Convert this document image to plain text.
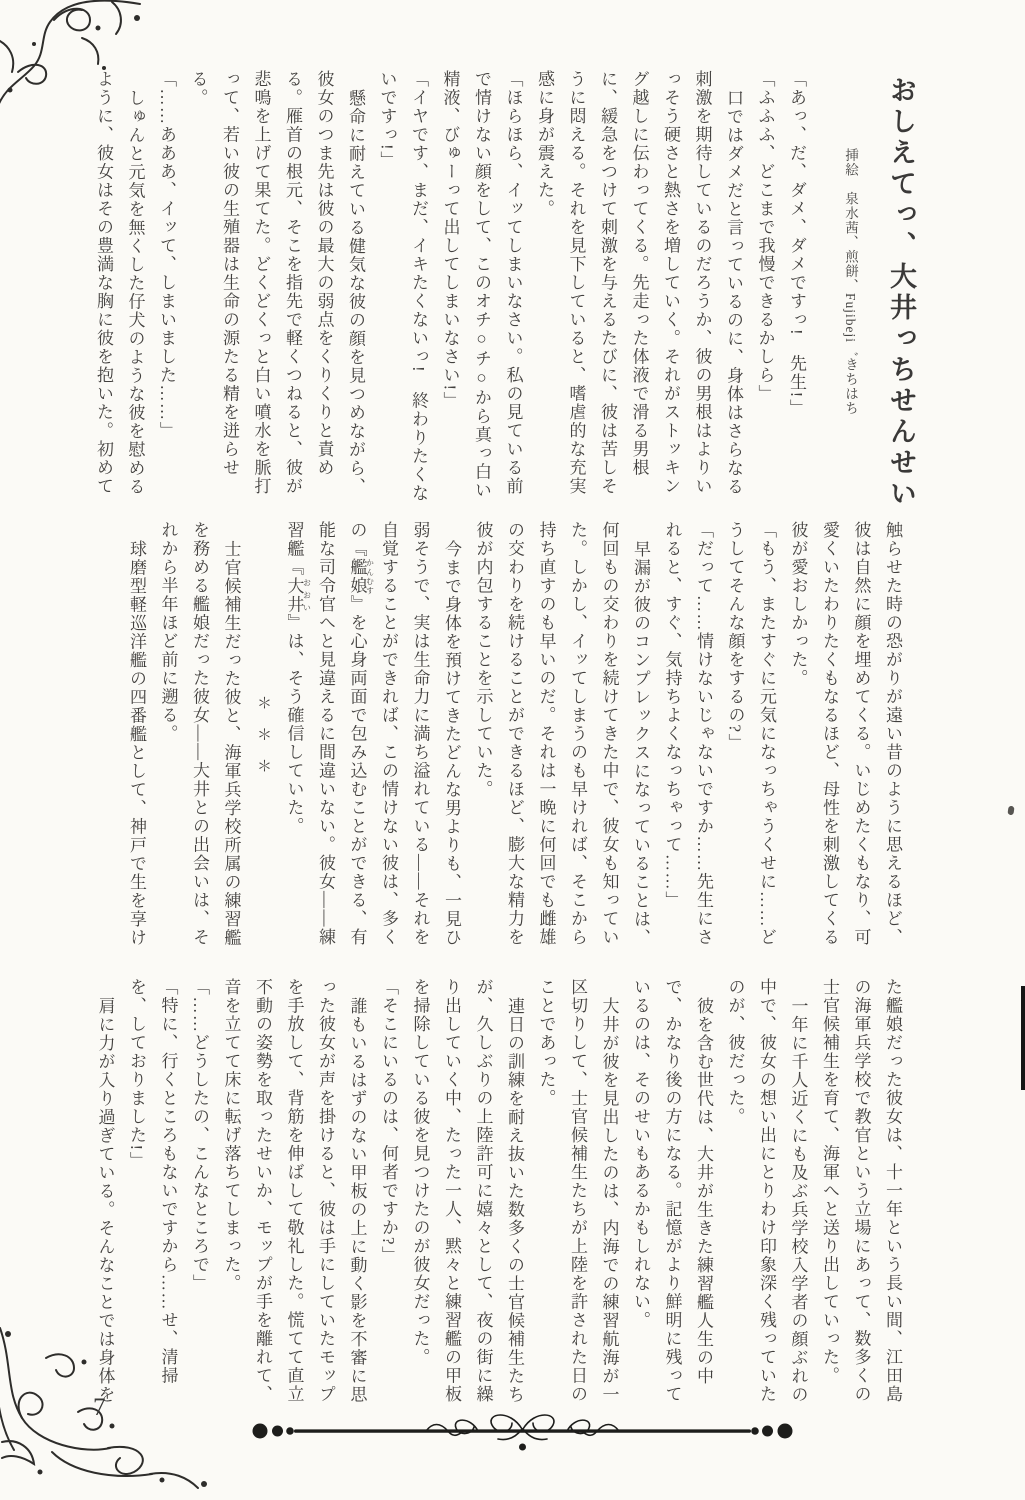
おしえてっ、大井っちせんせい
挿絵　泉水茜、煎餅、Fujibeji゛きちはち

「あっ、だ、ダメ、ダメですっ!　先生!」

「ふふふ、どこまで我慢できるかしら」

口ではダメだと言っているのに、身体はさらなる刺激を期待しているのだろうか、彼の男根はよりいっそう硬さと熱さを増していく。それがストッキング越しに伝わってくる。先走った体液で滑る男根に、緩急をつけて刺激を与えるたびに、彼は苦しそうに悶える。それを見下していると、嗜虐的な充実感に身が震えた。

「ほらほら、イッてしまいなさい。私の見ている前で情けない顔をして、このオチ○チ○から真っ白い精液、びゅーって出してしまいなさい!」

「イヤです、まだ、イキたくないっ!　終わりたくないですっ!」

懸命に耐えている健気な彼の顔を見つめながら、彼女のつま先は彼の最大の弱点をくりくりと責める。雁首の根元、そこを指先で軽くつねると、彼が悲鳴を上げて果てた。どくどくっと白い噴水を脈打って、若い彼の生殖器は生命の源たる精を迸らせる。

「……あああ、イッて、しまいました……」

しゅんと元気を無くした仔犬のような彼を慰めるように、彼女はその豊満な胸に彼を抱いた。初めて

触らせた時の恐がりが遠い昔のように思えるほど、彼は自然に顔を埋めてくる。いじめたくもなり、可愛くいたわりたくもなるほど、母性を刺激してくる彼が愛おしかった。

「もう、またすぐに元気になっちゃうくせに……どうしてそんな顔をするの?」

「だって……情けないじゃないですか……先生にされると、すぐ、気持ちよくなっちゃって……」

早漏が彼のコンプレックスになっていることは、何回もの交わりを続けてきた中で、彼女も知っていた。しかし、イッてしまうのも早ければ、そこから持ち直すのも早いのだ。それは一晩に何回でも雌雄の交わりを続けることができるほど、膨大な精力を彼が内包することを示していた。

今まで身体を預けてきたどんな男よりも、一見ひ弱そうで、実は生命力に満ち溢れている――それを自覚することができれば、この情けない彼は、多くの『艦娘 かんむす』を心身両面で包み込むことができる、有能な司令官へと見違えるに間違いない。彼女――練習艦『大井 おおい』は、そう確信していた。

＊＊＊

士官候補生だった彼と、海軍兵学校所属の練習艦を務める艦娘だった彼女――大井との出会いは、それから半年ほど前に遡る。

球磨型軽巡洋艦の四番艦として、神戸で生を享け

た艦娘だった彼女は、十一年という長い間、江田島の海軍兵学校で教官という立場にあって、数多くの士官候補生を育て、海軍へと送り出していった。

一年に千人近くにも及ぶ兵学校入学者の顔ぶれの中で、彼女の想い出にとりわけ印象深く残っていたのが、彼だった。

彼を含む世代は、大井が生きた練習艦人生の中で、かなり後の方になる。記憶がより鮮明に残っているのは、そのせいもあるかもしれない。

大井が彼を見出したのは、内海での練習航海が一区切りして、士官候補生たちが上陸を許された日のことであった。

連日の訓練を耐え抜いた数多くの士官候補生たちが、久しぶりの上陸許可に嬉々として、夜の街に繰り出していく中、たった一人、黙々と練習艦の甲板を掃除している彼を見つけたのが彼女だった。

「そこにいるのは、何者ですか?」

誰もいるはずのない甲板の上に動く影を不審に思った彼女が声を掛けると、彼は手にしていたモップを手放して、背筋を伸ばして敬礼した。慌てて直立不動の姿勢を取ったせいか、モップが手を離れて、音を立てて床に転げ落ちてしまった。

「……どうしたの、こんなところで」

「特に、行くところもないですから……せ、清掃を、しておりました!」

肩に力が入り過ぎている。そんなことでは身体を

7
